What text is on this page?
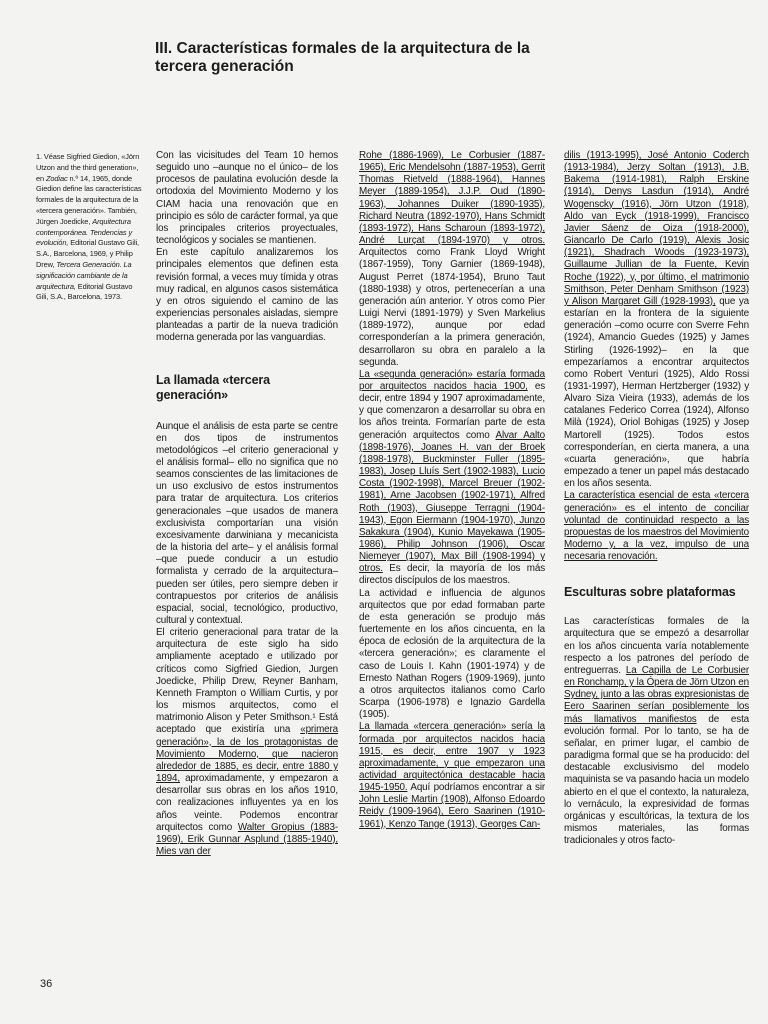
III. Características formales de la arquitectura de la tercera generación
1. Véase Sigfried Giedion, «Jörn Utzon and the third generation», en Zodiac n.º 14, 1965, donde Giedion define las características formales de la arquitectura de la «tercera generación». También, Jürgen Joedicke, Arquitectura contemporánea. Tendencias y evolución, Editorial Gustavo Gili, S.A., Barcelona, 1969, y Philip Drew, Tercera Generación. La significación cambiante de la arquitectura, Editorial Gustavo Gili, S.A., Barcelona, 1973.

Con las vicisitudes del Team 10 hemos seguido uno –aunque no el único– de los procesos de paulatina evolución desde la ortodoxia del Movimiento Moderno y los CIAM hacia una renovación que en principio es sólo de carácter formal, ya que los principales criterios proyectuales, tecnológicos y sociales se mantienen.

En este capítulo analizaremos los principales elementos que definen esta revisión formal, a veces muy tímida y otras muy radical, en algunos casos sistemática y en otros siguiendo el camino de las experiencias personales aisladas, siempre planteadas a partir de la nueva tradición moderna generada por las vanguardias.

La llamada «tercera generación»

Aunque el análisis de esta parte se centre en dos tipos de instrumentos metodológicos –el criterio generacional y el análisis formal– ello no significa que no seamos conscientes de las limitaciones de un uso exclusivo de estos instrumentos para tratar de arquitectura. Los criterios generacionales –que usados de manera exclusivista comportarían una visión excesivamente darwiniana y mecanicista de la historia del arte– y el análisis formal –que puede conducir a un estudio formalista y cerrado de la arquitectura– pueden ser útiles, pero siempre deben ir contrapuestos por criterios de análisis espacial, social, tecnológico, productivo, cultural y contextual.

El criterio generacional para tratar de la arquitectura de este siglo ha sido ampliamente aceptado e utilizado por críticos como Sigfried Giedion, Jurgen Joedicke, Philip Drew, Reyner Banham, Kenneth Frampton o William Curtis, y por los mismos arquitectos, como el matrimonio Alison y Peter Smithson.¹ Está aceptado que existiría una «primera generación», la de los protagonistas de Movimiento Moderno, que nacieron alrededor de 1885, es decir, entre 1880 y 1894, aproximadamente, y empezaron a desarrollar sus obras en los años 1910, con realizaciones influyentes ya en los años veinte. Podemos encontrar arquitectos como Walter Gropius (1883-1969), Erik Gunnar Asplund (1885-1940), Mies van der

Rohe (1886-1969), Le Corbusier (1887-1965), Eric Mendelsohn (1887-1953), Gerrit Thomas Rietveld (1888-1964), Hannes Meyer (1889-1954), J.J.P. Oud (1890-1963), Johannes Duiker (1890-1935), Richard Neutra (1892-1970), Hans Schmidt (1893-1972), Hans Scharoun (1893-1972), André Lurçat (1894-1970) y otros. Arquitectos como Frank Lloyd Wright (1867-1959), Tony Garnier (1869-1948), August Perret (1874-1954), Bruno Taut (1880-1938) y otros, pertenecerían a una generación aún anterior. Y otros como Pier Luigi Nervi (1891-1979) y Sven Markelius (1889-1972), aunque por edad corresponderían a la primera generación, desarrollaron su obra en paralelo a la segunda.

La «segunda generación» estaría formada por arquitectos nacidos hacia 1900, es decir, entre 1894 y 1907 aproximadamente, y que comenzaron a desarrollar su obra en los años treinta. Formarían parte de esta generación arquitectos como Alvar Aalto (1898-1976), Joanes H. van der Broek (1898-1978), Buckminster Fuller (1895-1983), Josep Lluís Sert (1902-1983), Lucio Costa (1902-1998), Marcel Breuer (1902-1981), Arne Jacobsen (1902-1971), Alfred Roth (1903), Giuseppe Terragni (1904-1943), Egon Eiermann (1904-1970), Junzo Sakakura (1904), Kunio Mayekawa (1905-1986), Philip Johnson (1906), Oscar Niemeyer (1907), Max Bill (1908-1994) y otros. Es decir, la mayoría de los más directos discípulos de los maestros.

La actividad e influencia de algunos arquitectos que por edad formaban parte de esta generación se produjo más fuertemente en los años cincuenta, en la época de eclosión de la arquitectura de la «tercera generación»; es claramente el caso de Louis I. Kahn (1901-1974) y de Ernesto Nathan Rogers (1909-1969), junto a otros arquitectos italianos como Carlo Scarpa (1906-1978) e Ignazio Gardella (1905).

La llamada «tercera generación» sería la formada por arquitectos nacidos hacia 1915, es decir, entre 1907 y 1923 aproximadamente, y que empezaron una actividad arquitectónica destacable hacia 1945-1950. Aquí podríamos encontrar a sir John Leslie Martin (1908), Alfonso Edoardo Reidy (1909-1964), Eero Saarinen (1910-1961), Kenzo Tange (1913), Georges Can-

dilis (1913-1995), José Antonio Coderch (1913-1984), Jerzy Soltan (1913), J.B. Bakema (1914-1981), Ralph Erskine (1914), Denys Lasdun (1914), André Wogenscky (1916), Jörn Utzon (1918), Aldo van Eyck (1918-1999), Francisco Javier Sáenz de Oiza (1918-2000), Giancarlo De Carlo (1919), Alexis Josic (1921), Shadrach Woods (1923-1973), Guillaume Jullian de la Fuente, Kevin Roche (1922), y, por último, el matrimonio Smithson, Peter Denham Smithson (1923) y Alison Margaret Gill (1928-1993), que ya estarían en la frontera de la siguiente generación –como ocurre con Sverre Fehn (1924), Amancio Guedes (1925) y James Stirling (1926-1992)– en la que empezaríamos a encontrar arquitectos como Robert Venturi (1925), Aldo Rossi (1931-1997), Herman Hertzberger (1932) y Alvaro Siza Vieira (1933), además de los catalanes Federico Correa (1924), Alfonso Milà (1924), Oriol Bohigas (1925) y Josep Martorell (1925). Todos estos corresponderían, en cierta manera, a una «cuarta generación», que habría empezado a tener un papel más destacado en los años sesenta.

La característica esencial de esta «tercera generación» es el intento de conciliar voluntad de continuidad respecto a las propuestas de los maestros del Movimiento Moderno y, a la vez, impulso de una necesaria renovación.

Esculturas sobre plataformas

Las características formales de la arquitectura que se empezó a desarrollar en los años cincuenta varía notablemente respecto a los patrones del período de entreguerras. La Capilla de Le Corbusier en Ronchamp, y la Ópera de Jörn Utzon en Sydney, junto a las obras expresionistas de Eero Saarinen serían posiblemente los más llamativos manifiestos de esta evolución formal. Por lo tanto, se ha de señalar, en primer lugar, el cambio de paradigma formal que se ha producido: del destacable exclusivismo del modelo maquinista se va pasando hacia un modelo abierto en el que el contexto, la naturaleza, lo vernáculo, la expresividad de formas orgánicas y escultóricas, la textura de los mismos materiales, las formas tradicionales y otros facto-

36
